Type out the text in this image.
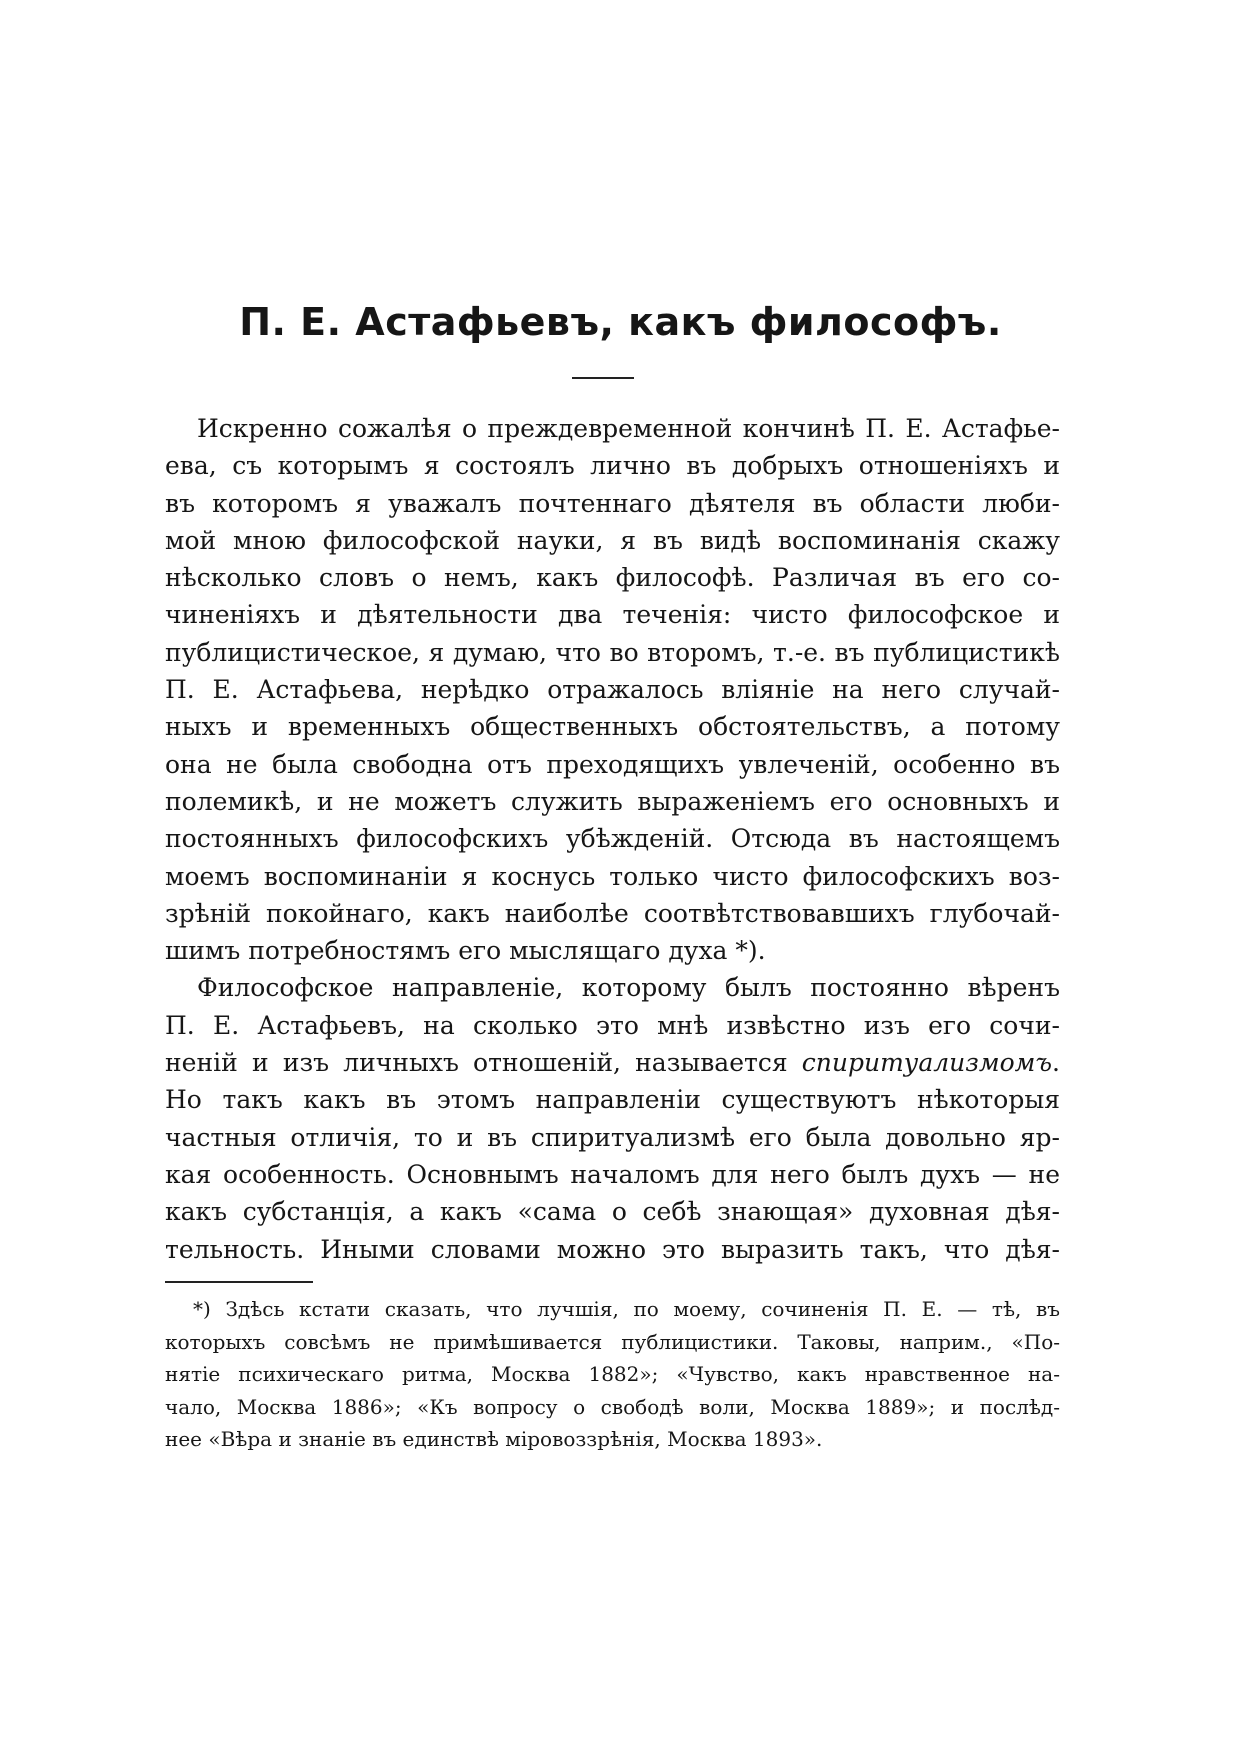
П. Е. Астафьевъ, какъ философъ.
Искренно сожалѣя о преждевременной кончинѣ П. Е. Астафье-
ева, съ которымъ я состоялъ лично въ добрыхъ отношеніяхъ и
въ которомъ я уважалъ почтеннаго дѣятеля въ области люби-
мой мною философской науки, я въ видѣ воспоминанія скажу
нѣсколько словъ о немъ, какъ философѣ. Различая въ его со-
чиненіяхъ и дѣятельности два теченія: чисто философское и
публицистическое, я думаю, что во второмъ, т.-е. въ публицистикѣ
П. Е. Астафьева, нерѣдко отражалось вліяніе на него случай-
ныхъ и временныхъ общественныхъ обстоятельствъ, а потому
она не была свободна отъ преходящихъ увлеченій, особенно въ
полемикѣ, и не можетъ служить выраженіемъ его основныхъ и
постоянныхъ философскихъ убѣжденій. Отсюда въ настоящемъ
моемъ воспоминаніи я коснусь только чисто философскихъ воз-
зрѣній покойнаго, какъ наиболѣе соотвѣтствовавшихъ глубочай-
шимъ потребностямъ его мыслящаго духа *).
Философское направленіе, которому былъ постоянно вѣренъ
П. Е. Астафьевъ, на сколько это мнѣ извѣстно изъ его сочи-
неній и изъ личныхъ отношеній, называется спиритуализмомъ.
Но такъ какъ въ этомъ направленіи существуютъ нѣкоторыя
частныя отличія, то и въ спиритуализмѣ его была довольно яр-
кая особенность. Основнымъ началомъ для него былъ духъ — не
какъ субстанція, а какъ «сама о себѣ знающая» духовная дѣя-
тельность. Иными словами можно это выразить такъ, что дѣя-
*) Здѣсь кстати сказать, что лучшія, по моему, сочиненія П. Е. — тѣ, въ
которыхъ совсѣмъ не примѣшивается публицистики. Таковы, наприм., «По-
нятіе психическаго ритма, Москва 1882»; «Чувство, какъ нравственное на-
чало, Москва 1886»; «Къ вопросу о свободѣ воли, Москва 1889»; и послѣд-
нее «Вѣра и знаніе въ единствѣ міровоззрѣнія, Москва 1893».
